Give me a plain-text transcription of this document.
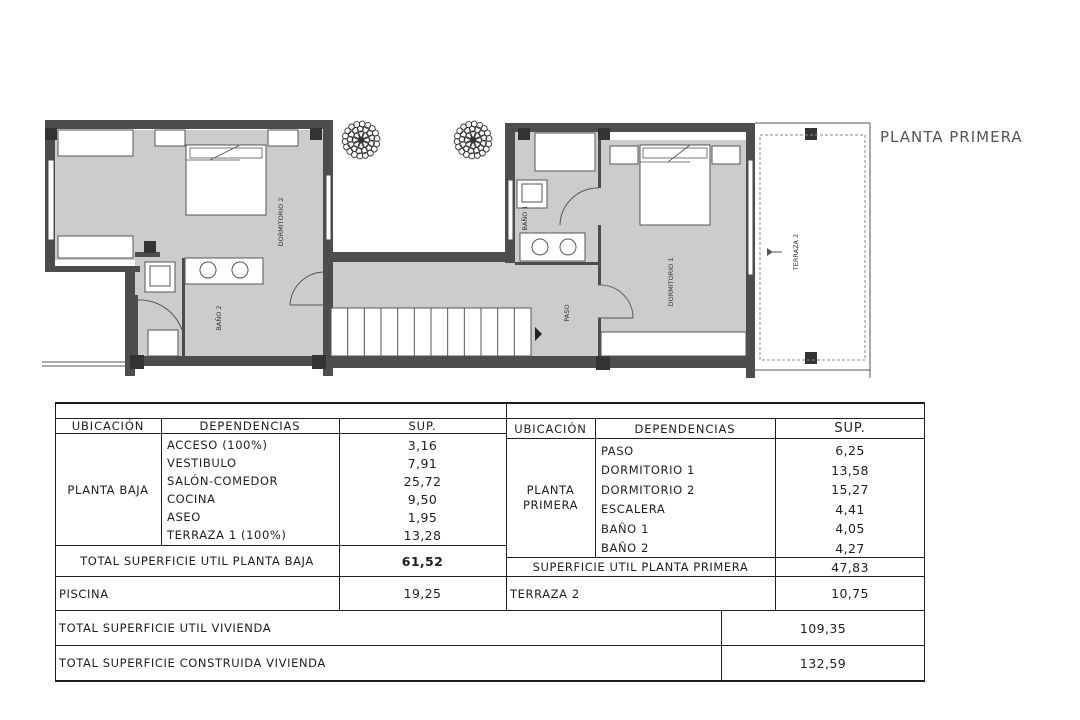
DORMITORIO 2
BAÑO 2
BAÑO 1
PASO
DORMITORIO 1
TERRAZA 2
PLANTA PRIMERA
UBICACIÓN	DEPENDENCIAS	SUP.
PLANTA BAJA
ACCESO (100%)	3,16
VESTIBULO	7,91
SALÓN-COMEDOR	25,72
COCINA	9,50
ASEO	1,95
TERRAZA 1 (100%)	13,28
TOTAL SUPERFICIE UTIL PLANTA BAJA	61,52
PISCINA	19,25
UBICACIÓN	DEPENDENCIAS	SUP.
PLANTA
PRIMERA
PASO	6,25
DORMITORIO 1	13,58
DORMITORIO 2	15,27
ESCALERA	4,41
BAÑO 1	4,05
BAÑO 2	4,27
SUPERFICIE UTIL PLANTA PRIMERA	47,83
TERRAZA 2	10,75
TOTAL SUPERFICIE UTIL VIVIENDA	109,35
TOTAL SUPERFICIE CONSTRUIDA VIVIENDA	132,59
